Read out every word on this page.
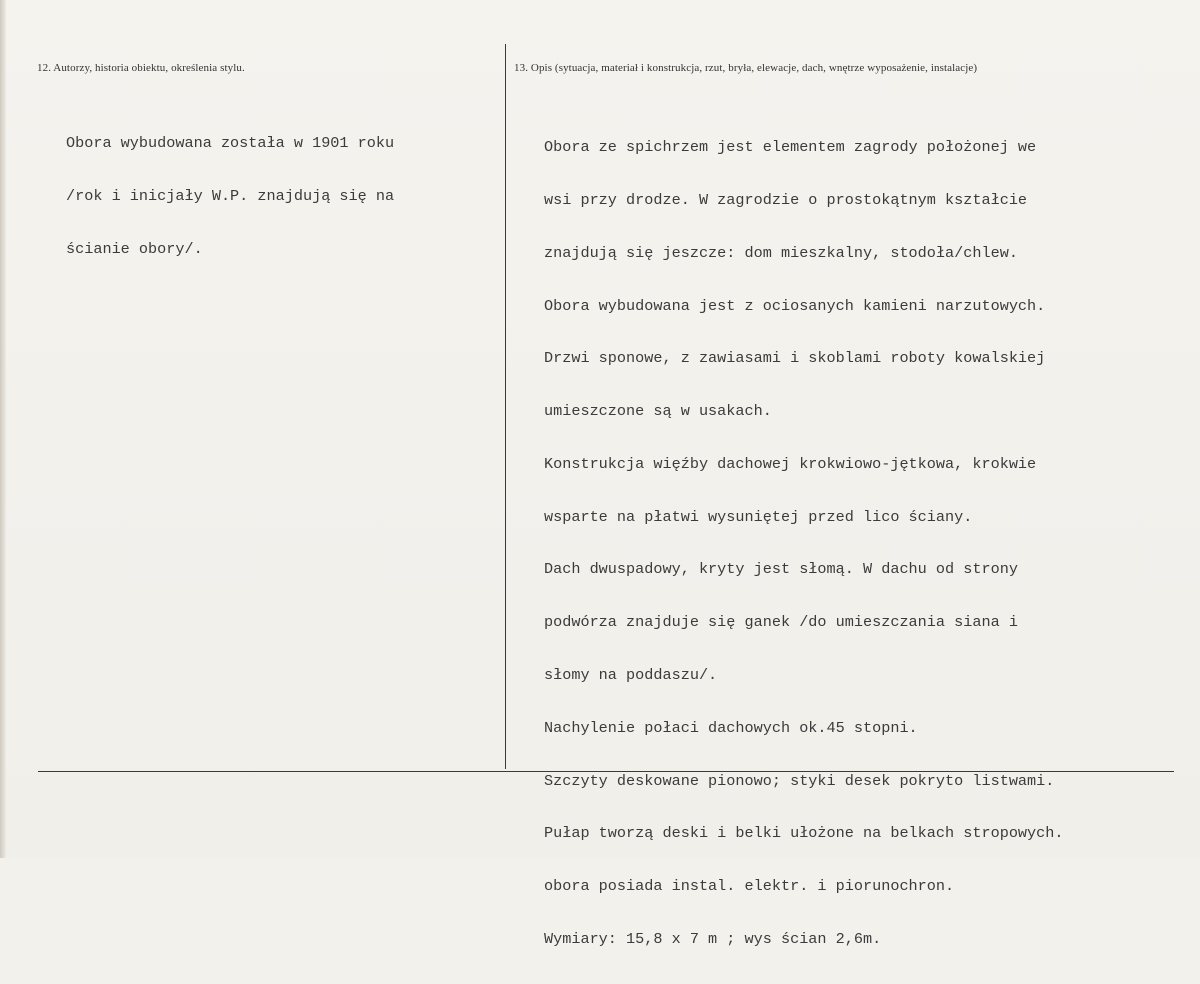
12. Autorzy, historia obiektu, określenia stylu.	13. Opis (sytuacja, materiał i konstrukcja, rzut, bryła, elewacje, dach, wnętrze wyposażenie, instalacje)

Obora wybudowana została w 1901 roku

/rok i inicjały W.P. znajdują się na

ścianie obory/.

Obora ze spichrzem jest elementem zagrody położonej we

wsi przy drodze. W zagrodzie o prostokątnym kształcie

znajdują się jeszcze: dom mieszkalny, stodoła/chlew.

Obora wybudowana jest z ociosanych kamieni narzutowych.

Drzwi sponowe, z zawiasami i skoblami roboty kowalskiej

umieszczone są w usakach.

Konstrukcja więźby dachowej krokwiowo-jętkowa, krokwie

wsparte na płatwi wysuniętej przed lico ściany.

Dach dwuspadowy, kryty jest słomą. W dachu od strony

podwórza znajduje się ganek /do umieszczania siana i

słomy na poddaszu/.

Nachylenie połaci dachowych ok.45 stopni.

Szczyty deskowane pionowo; styki desek pokryto listwami.

Pułap tworzą deski i belki ułożone na belkach stropowych.

obora posiada instal. elektr. i piorunochron.

Wymiary: 15,8 x 7 m ; wys ścian 2,6m.
